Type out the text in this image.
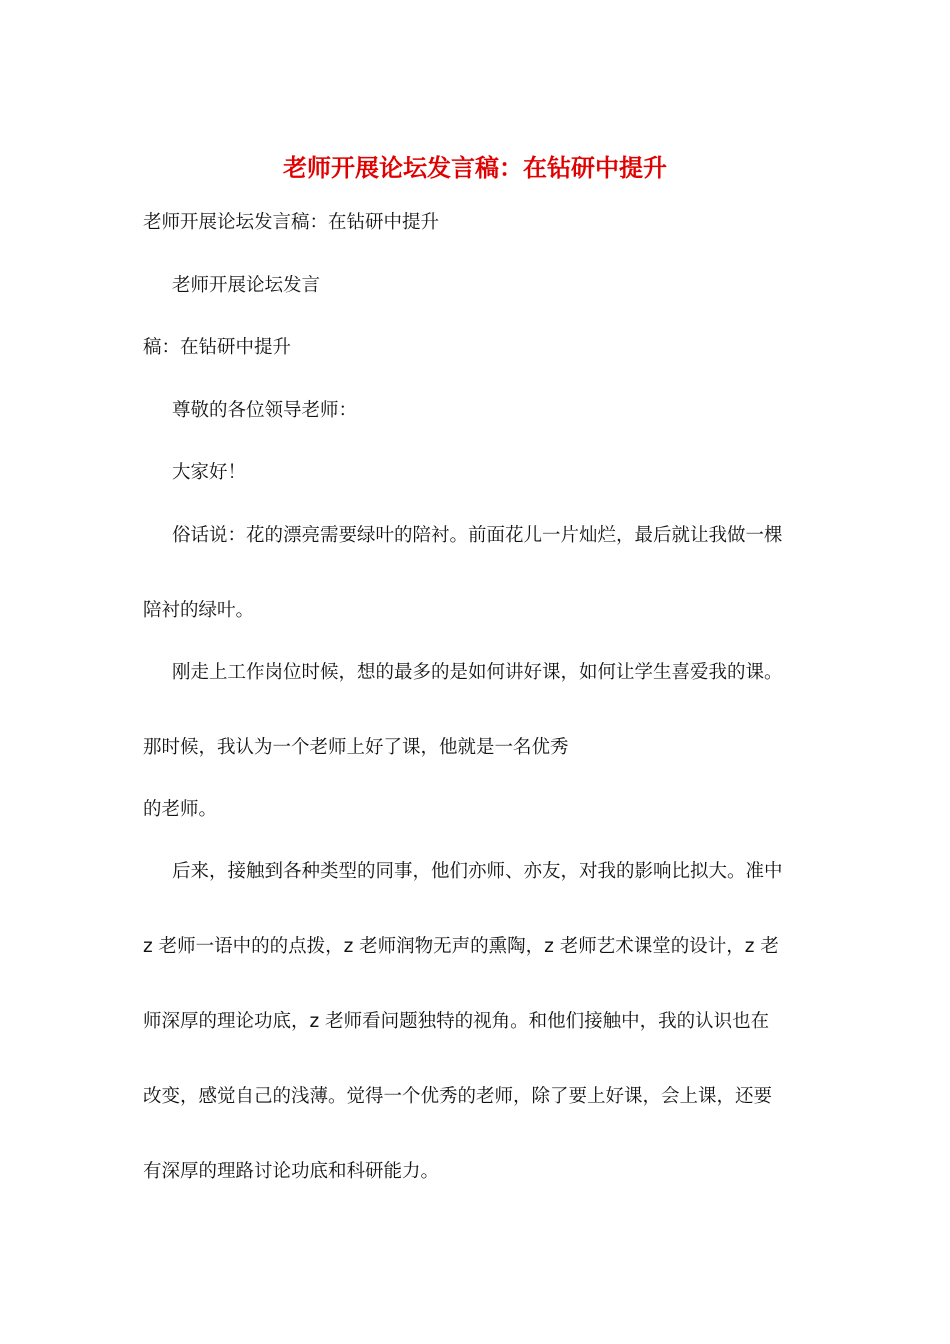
老师开展论坛发言稿：在钻研中提升
老师开展论坛发言稿：在钻研中提升
老师开展论坛发言
稿：在钻研中提升
尊敬的各位领导老师：
大家好！
俗话说：花的漂亮需要绿叶的陪衬。前面花儿一片灿烂，最后就让我做一棵
陪衬的绿叶。
刚走上工作岗位时候，想的最多的是如何讲好课，如何让学生喜爱我的课。
那时候，我认为一个老师上好了课，他就是一名优秀
的老师。
后来，接触到各种类型的同事，他们亦师、亦友，对我的影响比拟大。准中
z 老师一语中的的点拨，z 老师润物无声的熏陶，z 老师艺术课堂的设计，z 老
师深厚的理论功底，z 老师看问题独特的视角。和他们接触中，我的认识也在
改变，感觉自己的浅薄。觉得一个优秀的老师，除了要上好课，会上课，还要
有深厚的理路讨论功底和科研能力。
